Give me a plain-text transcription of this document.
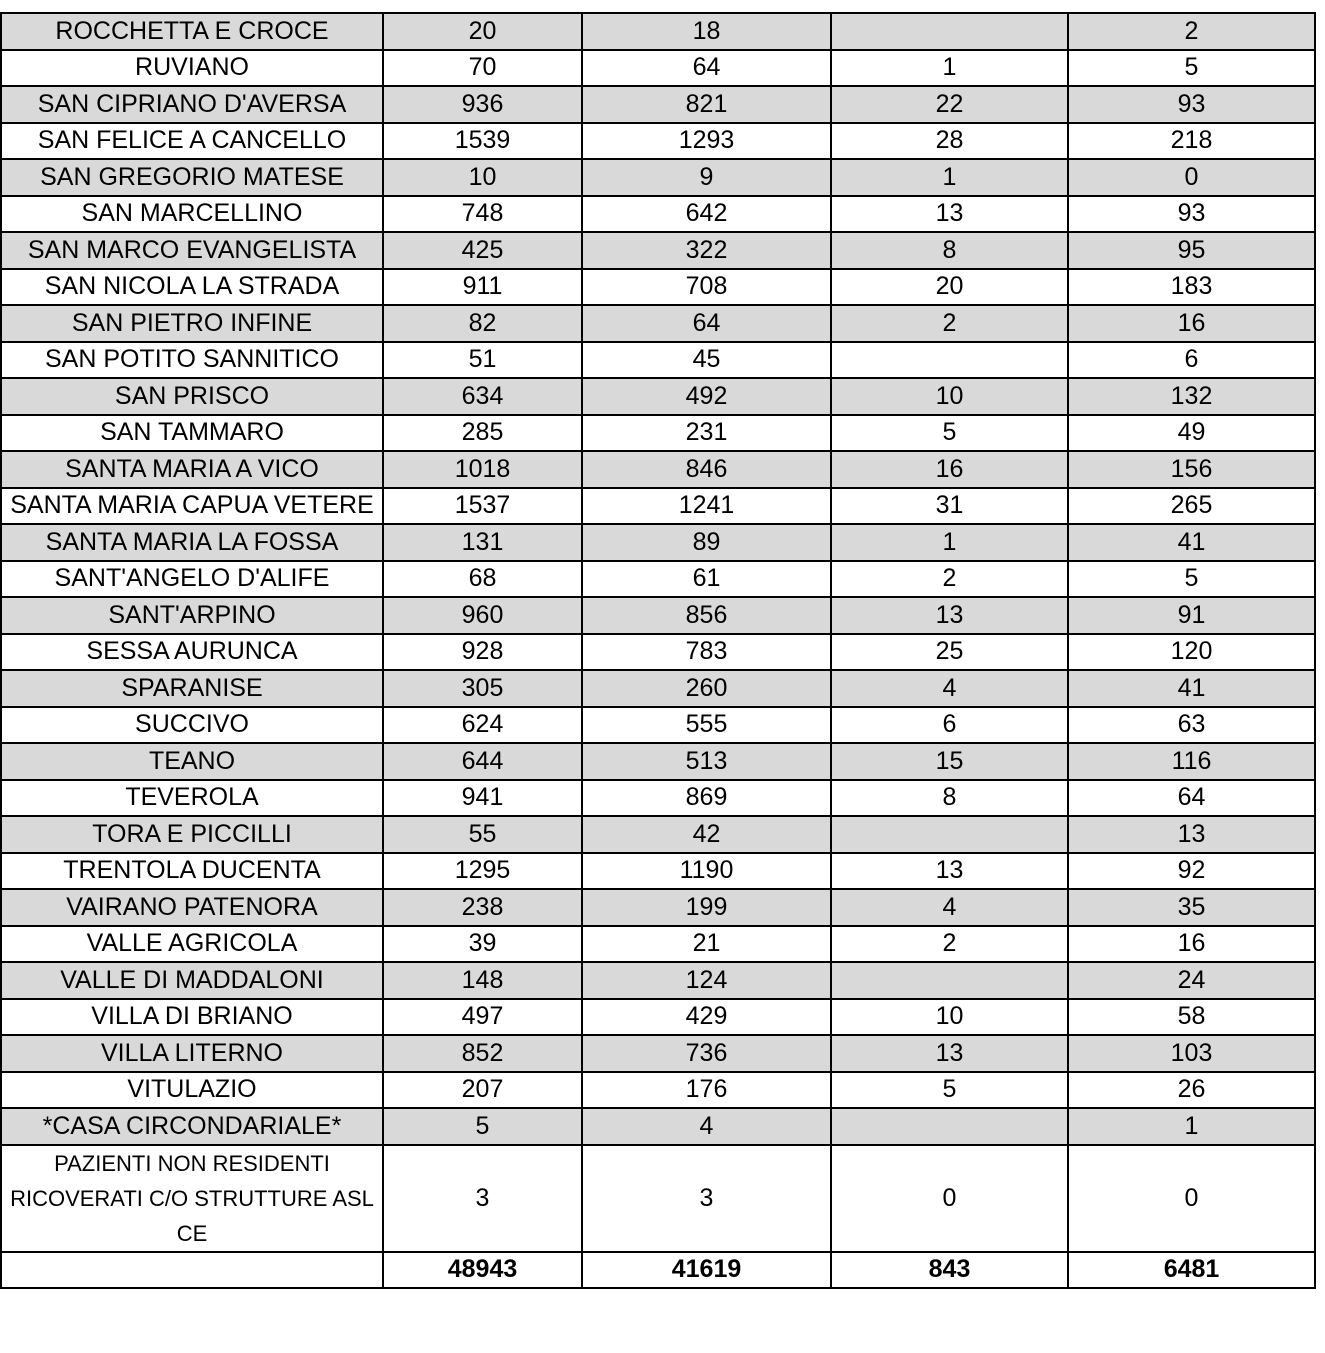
ROCCHETTA E CROCE	20	18		2
RUVIANO	70	64	1	5
SAN CIPRIANO D'AVERSA	936	821	22	93
SAN FELICE A CANCELLO	1539	1293	28	218
SAN GREGORIO MATESE	10	9	1	0
SAN MARCELLINO	748	642	13	93
SAN MARCO EVANGELISTA	425	322	8	95
SAN NICOLA LA STRADA	911	708	20	183
SAN PIETRO INFINE	82	64	2	16
SAN POTITO SANNITICO	51	45		6
SAN PRISCO	634	492	10	132
SAN TAMMARO	285	231	5	49
SANTA MARIA A VICO	1018	846	16	156
SANTA MARIA CAPUA VETERE	1537	1241	31	265
SANTA MARIA LA FOSSA	131	89	1	41
SANT'ANGELO D'ALIFE	68	61	2	5
SANT'ARPINO	960	856	13	91
SESSA AURUNCA	928	783	25	120
SPARANISE	305	260	4	41
SUCCIVO	624	555	6	63
TEANO	644	513	15	116
TEVEROLA	941	869	8	64
TORA E PICCILLI	55	42		13
TRENTOLA DUCENTA	1295	1190	13	92
VAIRANO PATENORA	238	199	4	35
VALLE AGRICOLA	39	21	2	16
VALLE DI MADDALONI	148	124		24
VILLA DI BRIANO	497	429	10	58
VILLA LITERNO	852	736	13	103
VITULAZIO	207	176	5	26
*CASA CIRCONDARIALE*	5	4		1
PAZIENTI NON RESIDENTI RICOVERATI C/O STRUTTURE ASL CE	3	3	0	0
	48943	41619	843	6481
